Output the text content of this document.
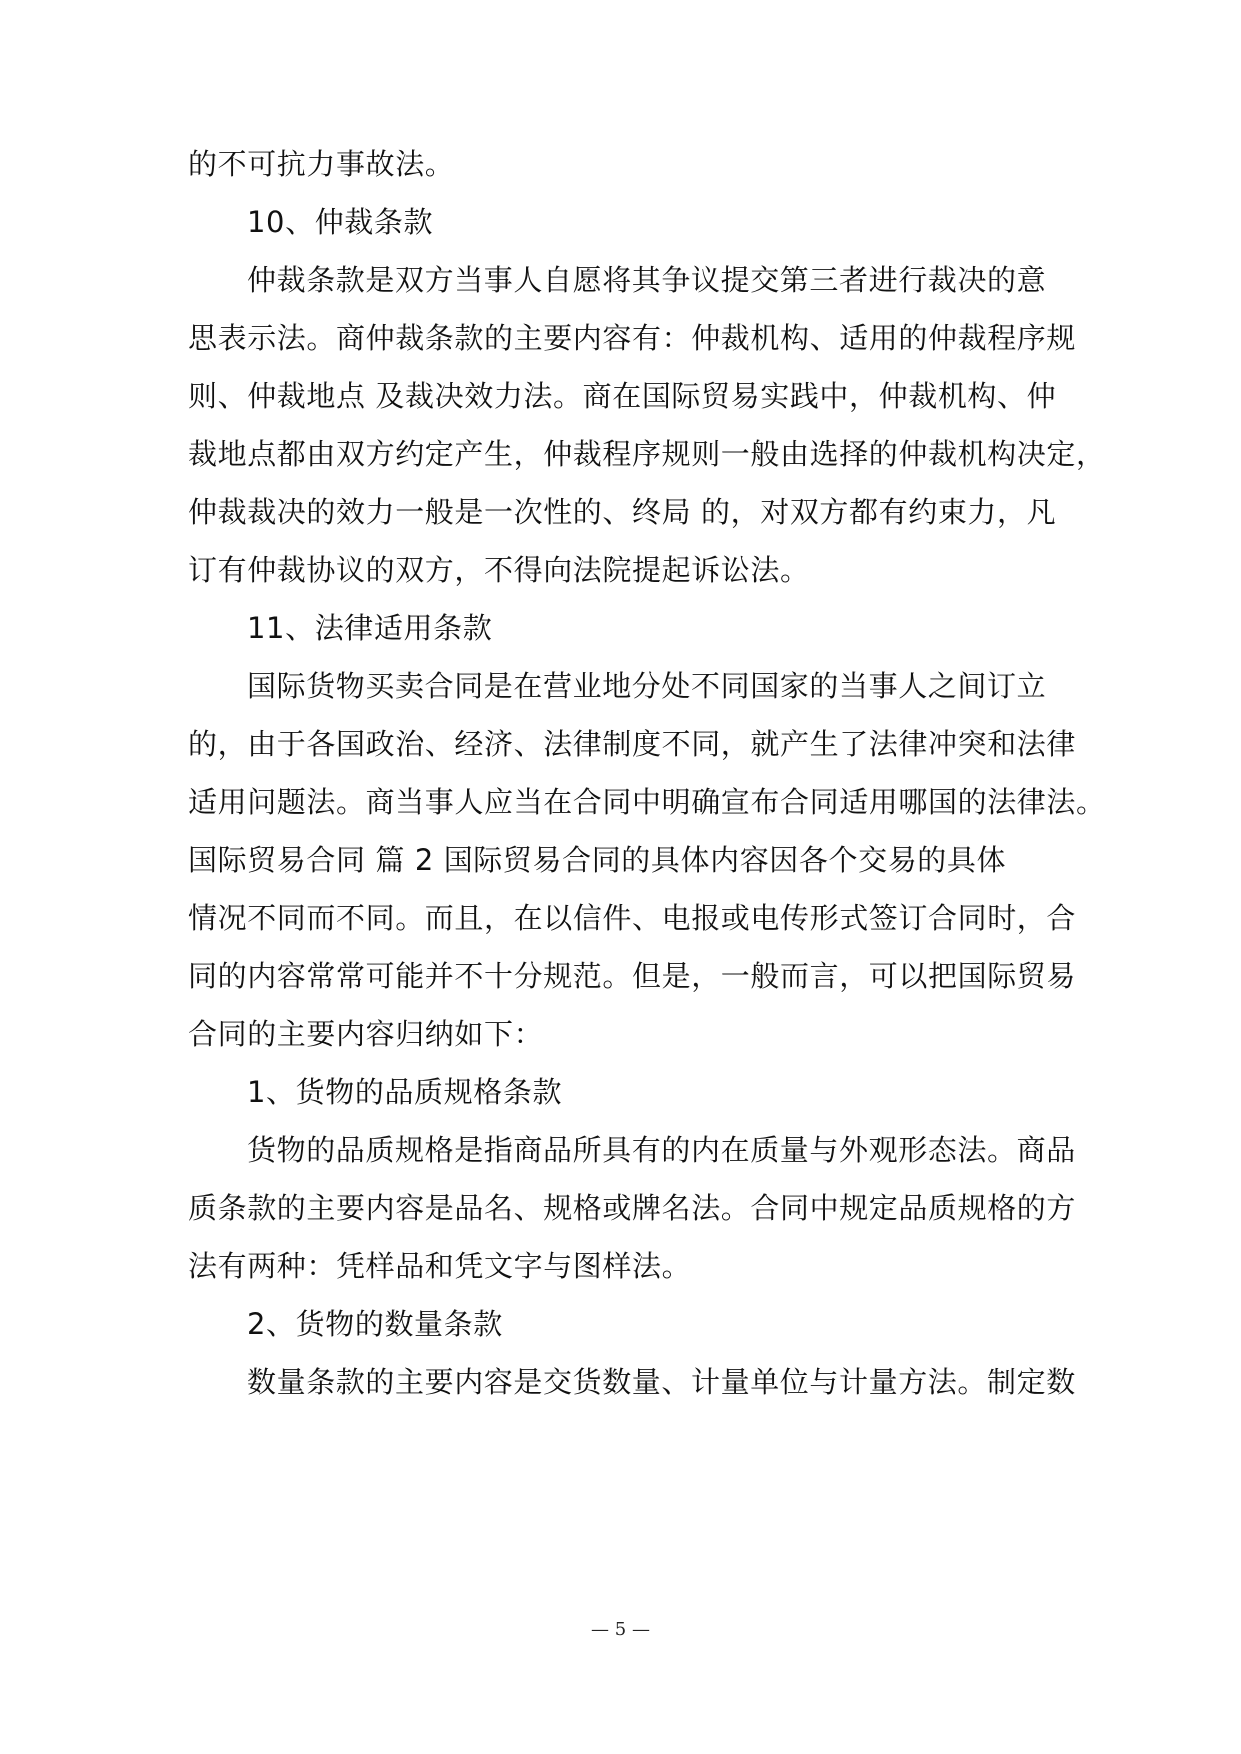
的不可抗力事故法。
10、仲裁条款
仲裁条款是双方当事人自愿将其争议提交第三者进行裁决的意
思表示法。商仲裁条款的主要内容有：仲裁机构、适用的仲裁程序规
则、仲裁地点 及裁决效力法。商在国际贸易实践中，仲裁机构、仲
裁地点都由双方约定产生，仲裁程序规则一般由选择的仲裁机构决定，
仲裁裁决的效力一般是一次性的、终局 的，对双方都有约束力，凡
订有仲裁协议的双方，不得向法院提起诉讼法。
11、法律适用条款
国际货物买卖合同是在营业地分处不同国家的当事人之间订立
的，由于各国政治、经济、法律制度不同，就产生了法律冲突和法律
适用问题法。商当事人应当在合同中明确宣布合同适用哪国的法律法。
国际贸易合同 篇 2 国际贸易合同的具体内容因各个交易的具体
情况不同而不同。而且，在以信件、电报或电传形式签订合同时，合
同的内容常常可能并不十分规范。但是，一般而言，可以把国际贸易
合同的主要内容归纳如下：
1、货物的品质规格条款
货物的品质规格是指商品所具有的内在质量与外观形态法。商品
质条款的主要内容是品名、规格或牌名法。合同中规定品质规格的方
法有两种：凭样品和凭文字与图样法。
2、货物的数量条款
数量条款的主要内容是交货数量、计量单位与计量方法。制定数
— 5 —
